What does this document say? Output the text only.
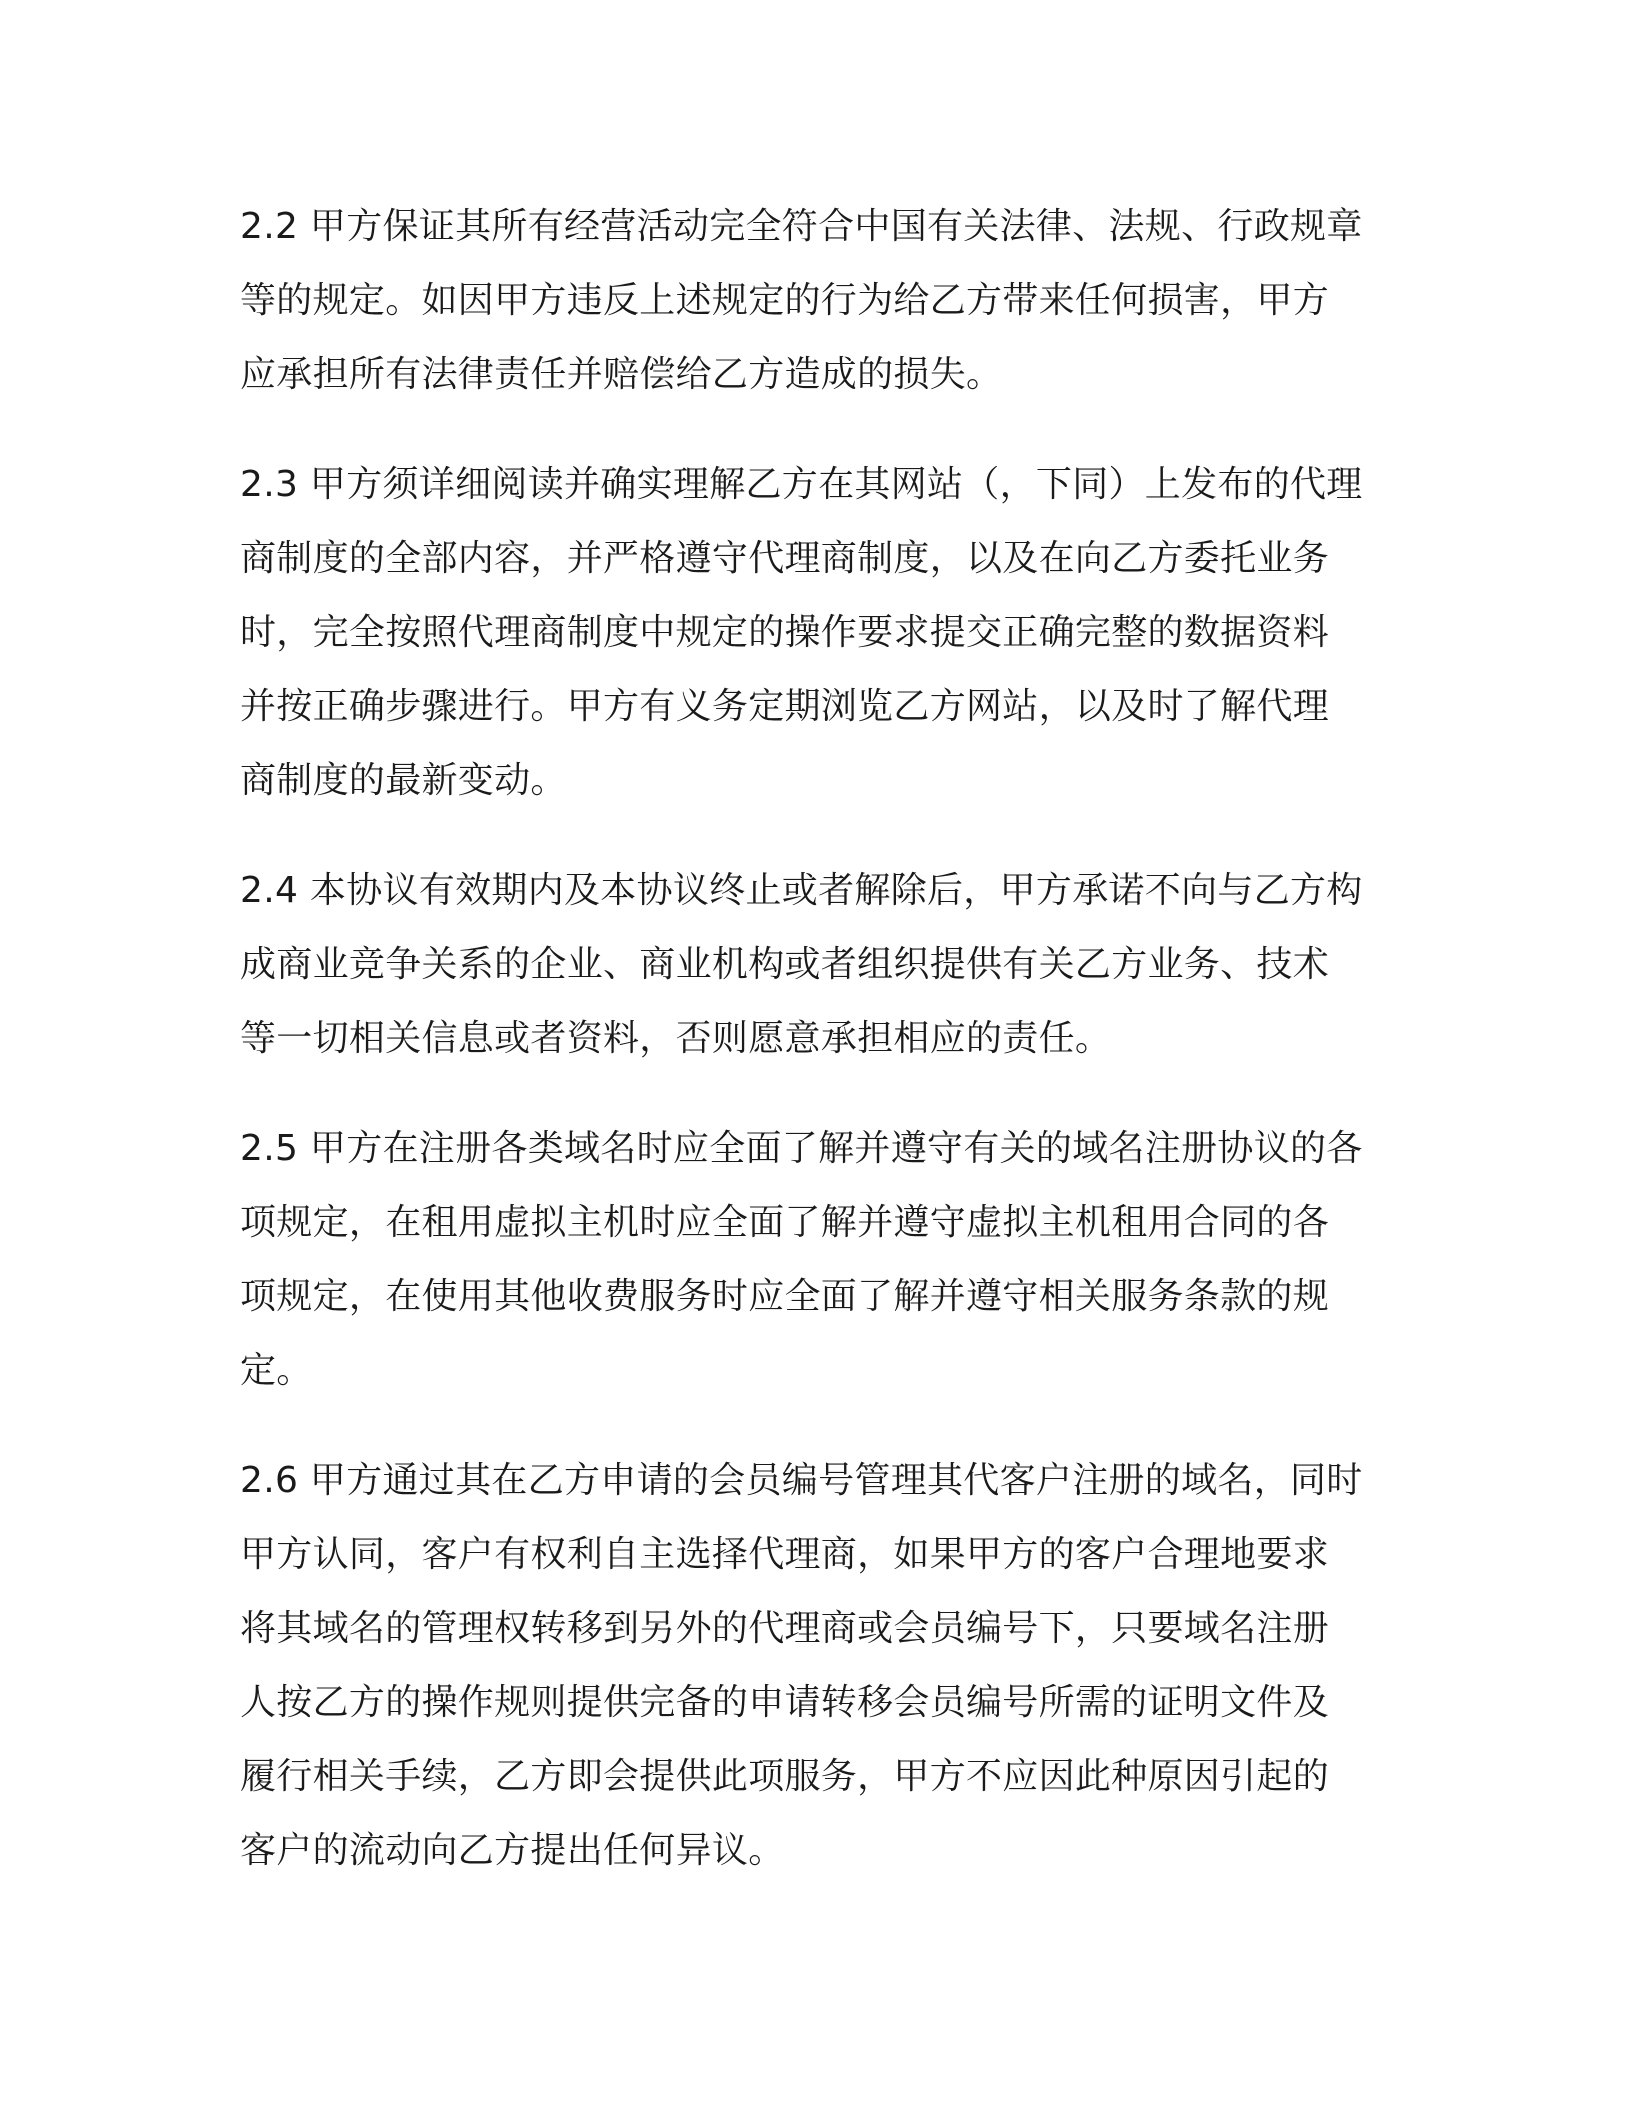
2.2 甲方保证其所有经营活动完全符合中国有关法律、法规、行政规章
等的规定。如因甲方违反上述规定的行为给乙方带来任何损害，甲方
应承担所有法律责任并赔偿给乙方造成的损失。
2.3 甲方须详细阅读并确实理解乙方在其网站（，下同）上发布的代理
商制度的全部内容，并严格遵守代理商制度，以及在向乙方委托业务
时，完全按照代理商制度中规定的操作要求提交正确完整的数据资料
并按正确步骤进行。甲方有义务定期浏览乙方网站，以及时了解代理
商制度的最新变动。
2.4 本协议有效期内及本协议终止或者解除后，甲方承诺不向与乙方构
成商业竞争关系的企业、商业机构或者组织提供有关乙方业务、技术
等一切相关信息或者资料，否则愿意承担相应的责任。
2.5 甲方在注册各类域名时应全面了解并遵守有关的域名注册协议的各
项规定，在租用虚拟主机时应全面了解并遵守虚拟主机租用合同的各
项规定，在使用其他收费服务时应全面了解并遵守相关服务条款的规
定。
2.6 甲方通过其在乙方申请的会员编号管理其代客户注册的域名，同时
甲方认同，客户有权利自主选择代理商，如果甲方的客户合理地要求
将其域名的管理权转移到另外的代理商或会员编号下，只要域名注册
人按乙方的操作规则提供完备的申请转移会员编号所需的证明文件及
履行相关手续，乙方即会提供此项服务，甲方不应因此种原因引起的
客户的流动向乙方提出任何异议。
